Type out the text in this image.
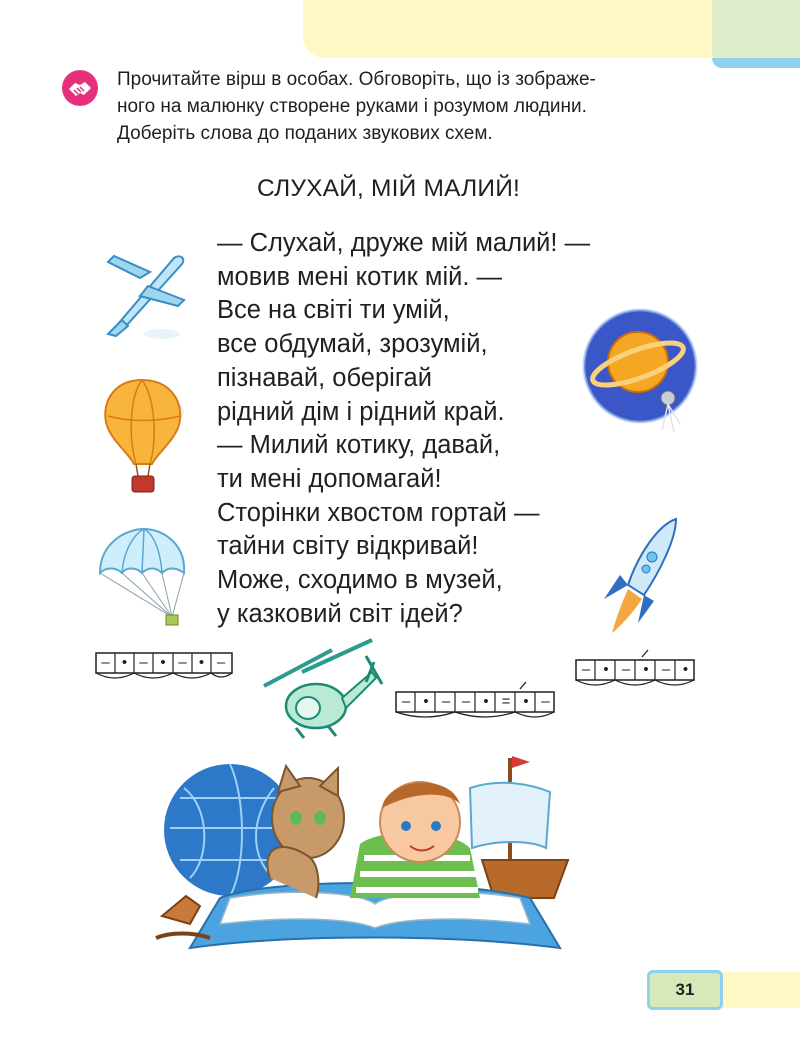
Прочитайте вірш в особах. Обговоріть, що із зображе-
ного на малюнку створене руками і розумом людини.
Доберіть слова до поданих звукових схем.
СЛУХАЙ, МІЙ МАЛИЙ!
— Слухай, друже мій малий! —
мовив мені котик мій. —
Все на світі ти умій,
все обдумай, зрозумій,
пізнавай, оберігай
рідний дім і рідний край.
— Милий котику, давай,
ти мені допомагай!
Сторінки хвостом гортай —
тайни світу відкривай!
Може, сходимо в музей,
у казковий світ ідей?
– • – • – • –
– • – – • = • –
– • – • – •
31
